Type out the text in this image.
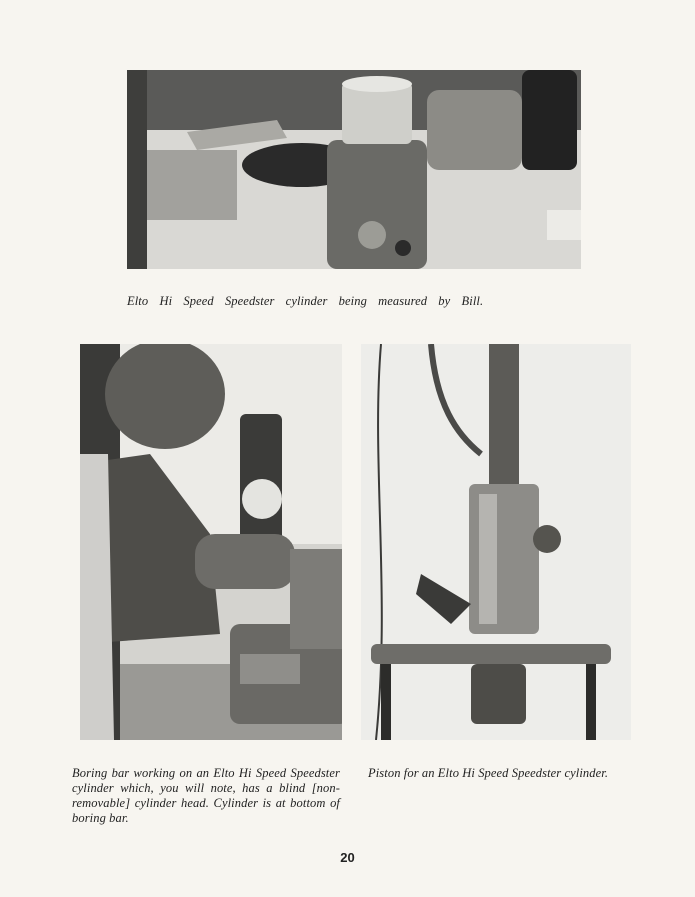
Elto Hi Speed Speedster cylinder being measured by Bill.
Boring bar working on an Elto Hi Speed Speedster cylinder which, you will note, has a blind [non-removable] cylinder head. Cylinder is at bottom of boring bar.
Piston for an Elto Hi Speed Speedster cylinder.
20
